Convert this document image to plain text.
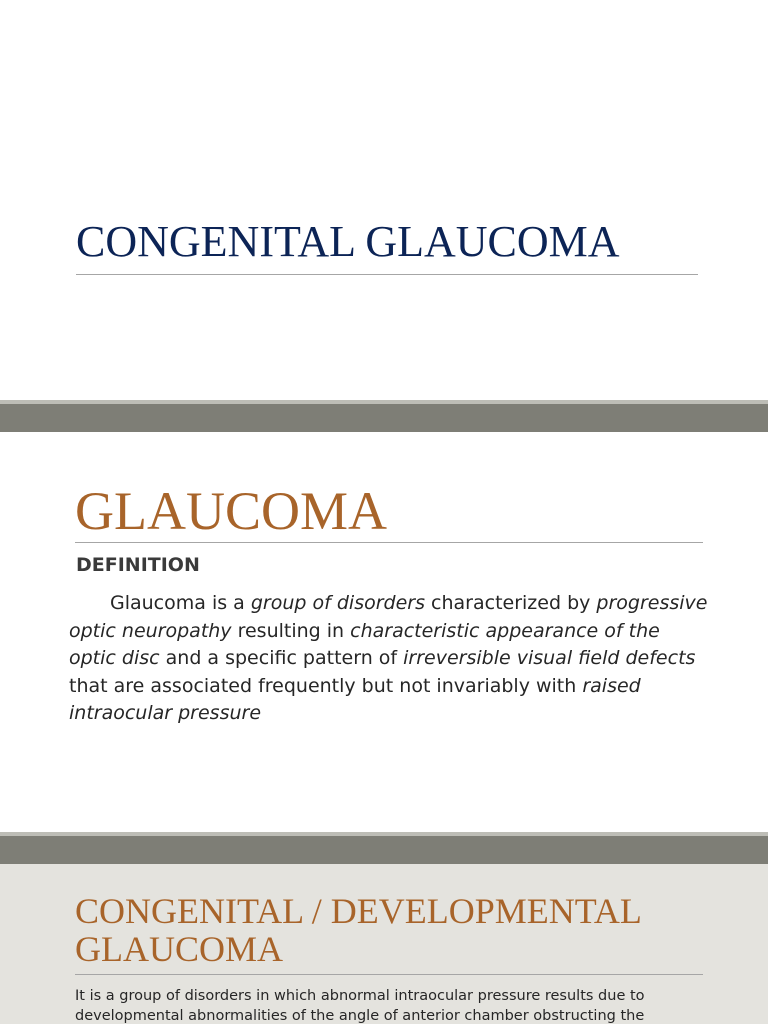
CONGENITAL GLAUCOMA
GLAUCOMA
DEFINITION

Glaucoma is a group of disorders characterized by progressive optic neuropathy resulting in characteristic appearance of the optic disc and a specific pattern of irreversible visual field defects that are associated frequently but not invariably with raised intraocular pressure

CONGENITAL / DEVELOPMENTAL
GLAUCOMA

It is a group of disorders in which abnormal intraocular pressure results due to
developmental abnormalities of the angle of anterior chamber obstructing the
